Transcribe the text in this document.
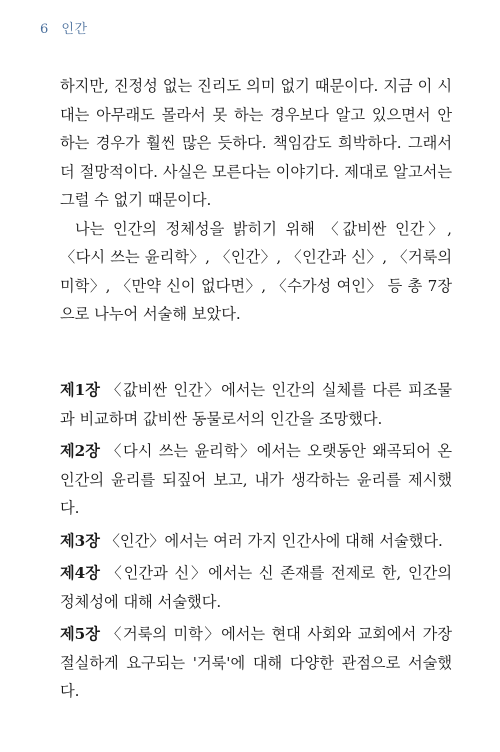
6 인간

하지만, 진정성 없는 진리도 의미 없기 때문이다. 지금 이 시대는 아무래도 몰라서 못 하는 경우보다 알고 있으면서 안 하는 경우가 훨씬 많은 듯하다. 책임감도 희박하다. 그래서 더 절망적이다. 사실은 모른다는 이야기다. 제대로 알고서는 그럴 수 없기 때문이다.

나는 인간의 정체성을 밝히기 위해 〈값비싼 인간〉, 〈다시 쓰는 윤리학〉, 〈인간〉, 〈인간과 신〉, 〈거룩의 미학〉, 〈만약 신이 없다면〉, 〈수가성 여인〉 등 총 7장으로 나누어 서술해 보았다.

제1장 〈값비싼 인간〉에서는 인간의 실체를 다른 피조물과 비교하며 값비싼 동물로서의 인간을 조망했다.

제2장 〈다시 쓰는 윤리학〉에서는 오랫동안 왜곡되어 온 인간의 윤리를 되짚어 보고, 내가 생각하는 윤리를 제시했다.

제3장 〈인간〉에서는 여러 가지 인간사에 대해 서술했다.

제4장 〈인간과 신〉에서는 신 존재를 전제로 한, 인간의 정체성에 대해 서술했다.

제5장 〈거룩의 미학〉에서는 현대 사회와 교회에서 가장 절실하게 요구되는 '거룩'에 대해 다양한 관점으로 서술했다.
